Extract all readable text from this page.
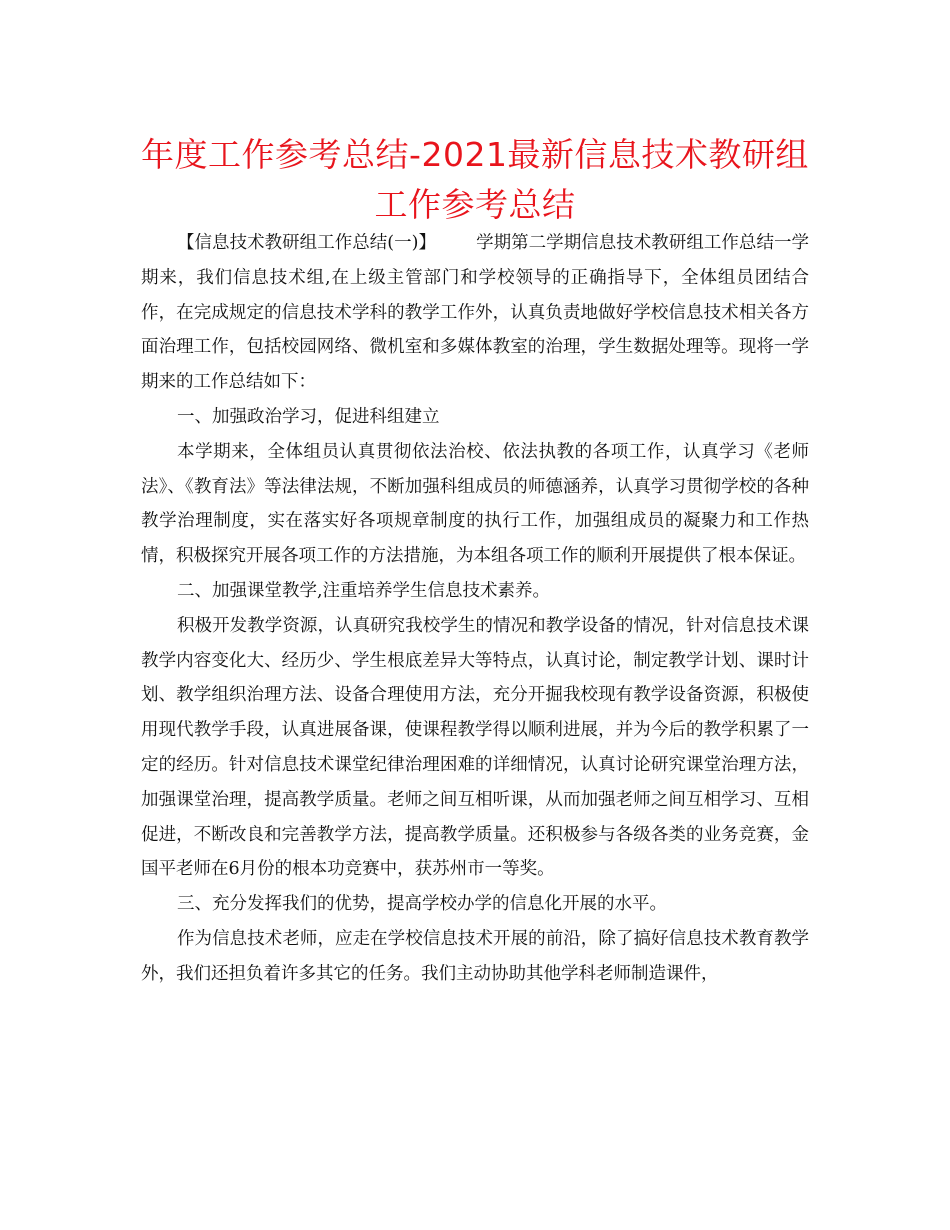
年度工作参考总结-2021最新信息技术教研组工作参考总结

【信息技术教研组工作总结(一)】 学期第二学期信息技术教研组工作总结一学期来，我们信息技术组,在上级主管部门和学校领导的正确指导下，全体组员团结合作，在完成规定的信息技术学科的教学工作外，认真负责地做好学校信息技术相关各方面治理工作，包括校园网络、微机室和多媒体教室的治理，学生数据处理等。现将一学期来的工作总结如下：

一、加强政治学习，促进科组建立

本学期来，全体组员认真贯彻依法治校、依法执教的各项工作，认真学习《老师法》、《教育法》等法律法规，不断加强科组成员的师德涵养，认真学习贯彻学校的各种教学治理制度，实在落实好各项规章制度的执行工作，加强组成员的凝聚力和工作热情，积极探究开展各项工作的方法措施，为本组各项工作的顺利开展提供了根本保证。

二、加强课堂教学,注重培养学生信息技术素养。

积极开发教学资源，认真研究我校学生的情况和教学设备的情况，针对信息技术课教学内容变化大、经历少、学生根底差异大等特点，认真讨论，制定教学计划、课时计划、教学组织治理方法、设备合理使用方法，充分开掘我校现有教学设备资源，积极使用现代教学手段，认真进展备课，使课程教学得以顺利进展，并为今后的教学积累了一定的经历。针对信息技术课堂纪律治理困难的详细情况，认真讨论研究课堂治理方法，加强课堂治理，提高教学质量。老师之间互相听课，从而加强老师之间互相学习、互相促进，不断改良和完善教学方法，提高教学质量。还积极参与各级各类的业务竞赛，金国平老师在6月份的根本功竞赛中，获苏州市一等奖。

三、充分发挥我们的优势，提高学校办学的信息化开展的水平。

作为信息技术老师，应走在学校信息技术开展的前沿，除了搞好信息技术教育教学外，我们还担负着许多其它的任务。我们主动协助其他学科老师制造课件，
